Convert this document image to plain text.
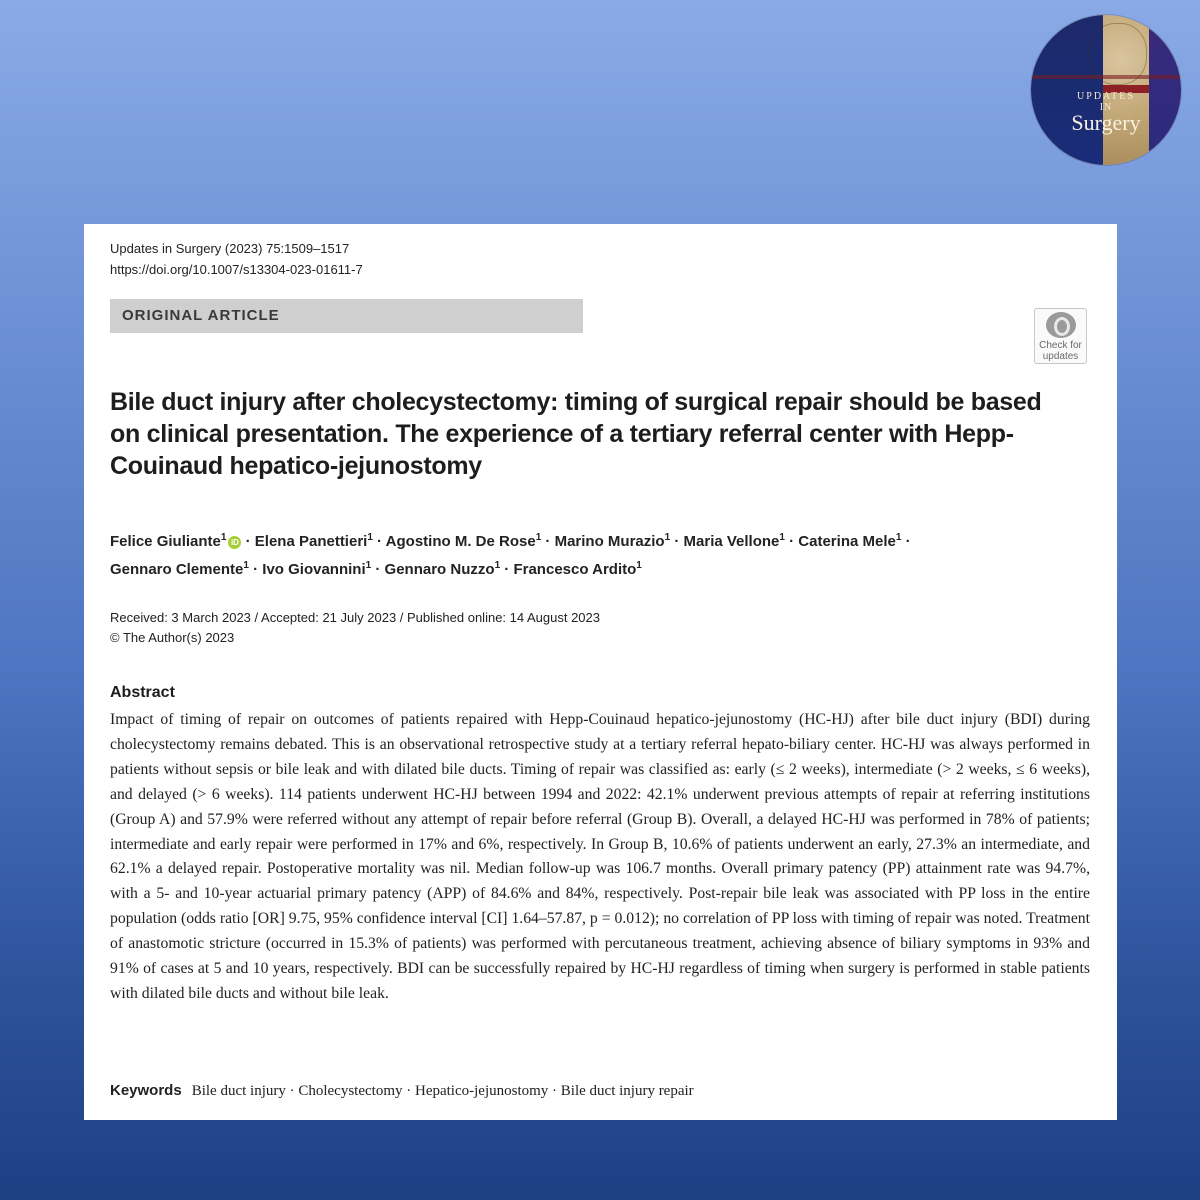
UPDATES
IN
Surgery
Updates in Surgery (2023) 75:1509–1517
https://doi.org/10.1007/s13304-023-01611-7
ORIGINAL ARTICLE
Check for
updates
Bile duct injury after cholecystectomy: timing of surgical repair should be based on clinical presentation. The experience of a tertiary referral center with Hepp-Couinaud hepatico-jejunostomy
Felice Giuliante$^1$ iD · Elena Panettieri$^1$ · Agostino M. De Rose$^1$ · Marino Murazio$^1$ · Maria Vellone$^1$ · Caterina Mele$^1$ ·
Gennaro Clemente$^1$ · Ivo Giovannini$^1$ · Gennaro Nuzzo$^1$ · Francesco Ardito$^1$
Received: 3 March 2023 / Accepted: 21 July 2023 / Published online: 14 August 2023
© The Author(s) 2023
Abstract
Impact of timing of repair on outcomes of patients repaired with Hepp-Couinaud hepatico-jejunostomy (HC-HJ) after bile duct injury (BDI) during cholecystectomy remains debated. This is an observational retrospective study at a tertiary referral hepato-biliary center. HC-HJ was always performed in patients without sepsis or bile leak and with dilated bile ducts. Timing of repair was classified as: early (≤ 2 weeks), intermediate (> 2 weeks, ≤ 6 weeks), and delayed (> 6 weeks). 114 patients underwent HC-HJ between 1994 and 2022: 42.1% underwent previous attempts of repair at referring institutions (Group A) and 57.9% were referred without any attempt of repair before referral (Group B). Overall, a delayed HC-HJ was performed in 78% of patients; intermediate and early repair were performed in 17% and 6%, respectively. In Group B, 10.6% of patients underwent an early, 27.3% an intermediate, and 62.1% a delayed repair. Postoperative mortality was nil. Median follow-up was 106.7 months. Overall primary patency (PP) attainment rate was 94.7%, with a 5- and 10-year actuarial primary patency (APP) of 84.6% and 84%, respectively. Post-repair bile leak was associated with PP loss in the entire population (odds ratio [OR] 9.75, 95% confidence interval [CI] 1.64–57.87, p = 0.012); no correlation of PP loss with timing of repair was noted. Treatment of anastomotic stricture (occurred in 15.3% of patients) was performed with percutaneous treatment, achieving absence of biliary symptoms in 93% and 91% of cases at 5 and 10 years, respectively. BDI can be successfully repaired by HC-HJ regardless of timing when surgery is performed in stable patients with dilated bile ducts and without bile leak.
Keywords Bile duct injury · Cholecystectomy · Hepatico-jejunostomy · Bile duct injury repair
